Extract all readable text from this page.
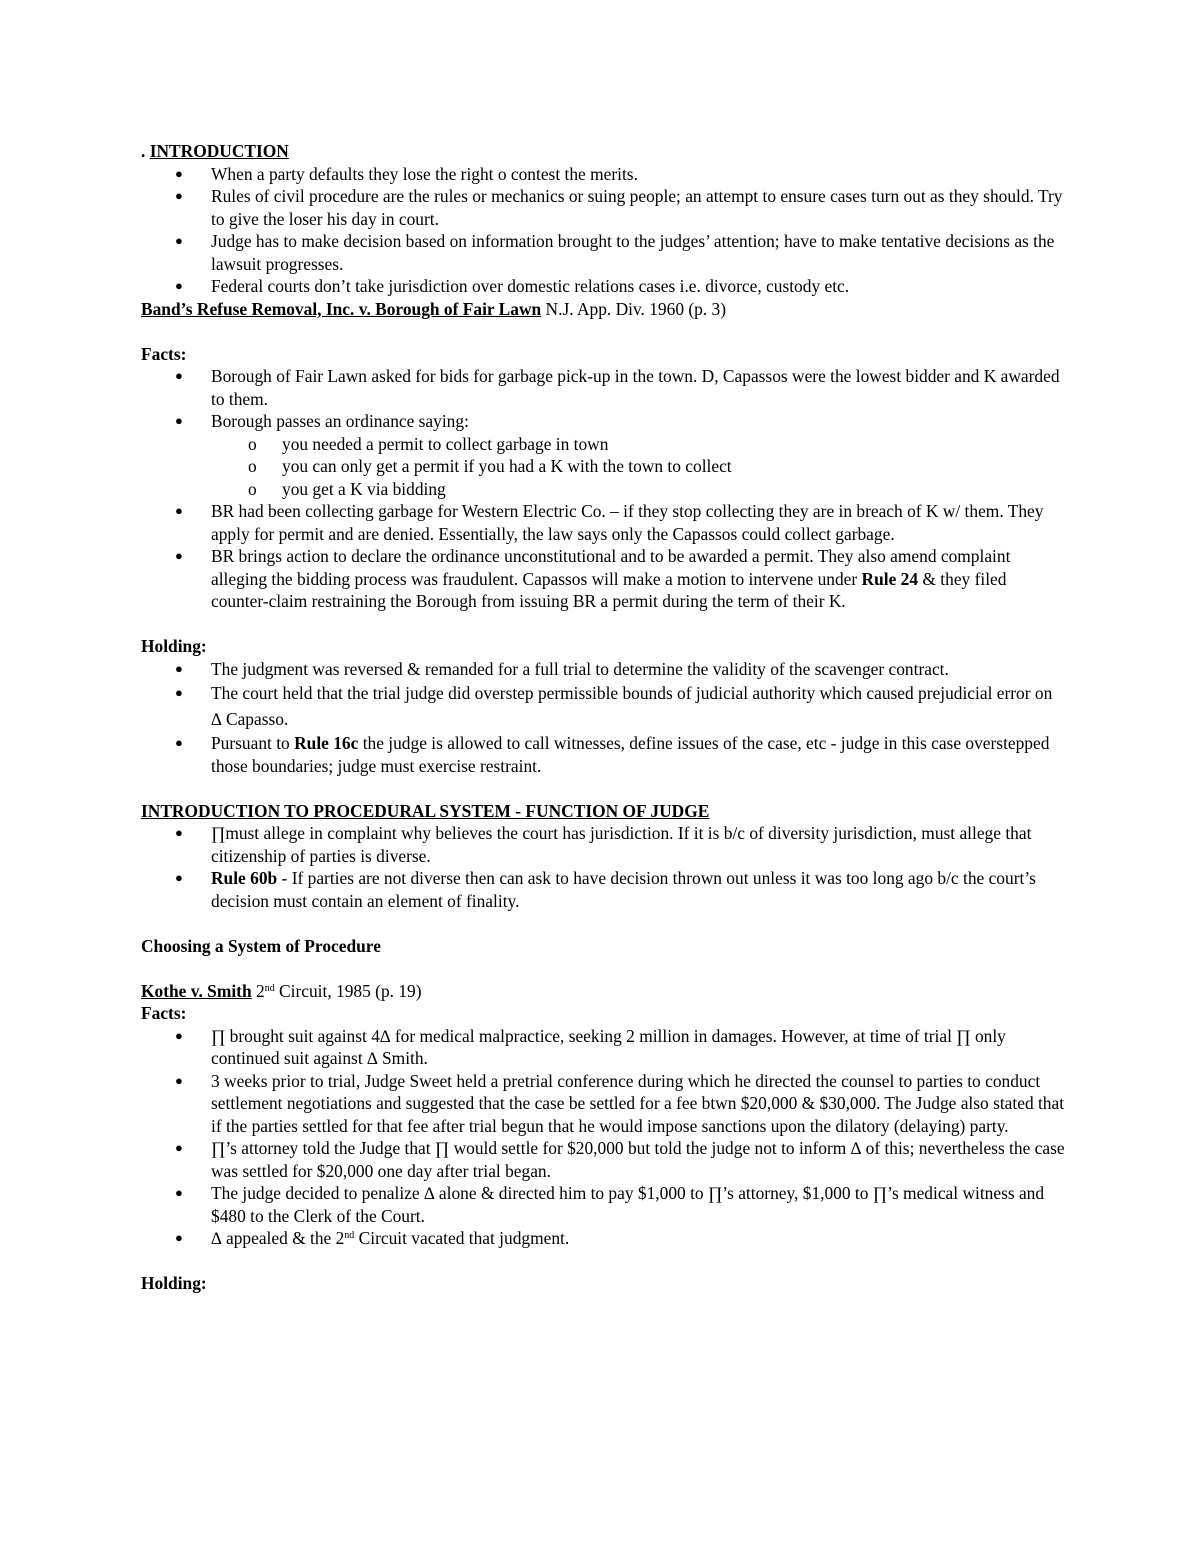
. INTRODUCTION

● When a party defaults they lose the right o contest the merits.
● Rules of civil procedure are the rules or mechanics or suing people; an attempt to ensure cases turn out as they should. Try to give the loser his day in court.
● Judge has to make decision based on information brought to the judges’ attention; have to make tentative decisions as the lawsuit progresses.
● Federal courts don’t take jurisdiction over domestic relations cases i.e. divorce, custody etc.

Band’s Refuse Removal, Inc. v. Borough of Fair Lawn N.J. App. Div. 1960 (p. 3)

Facts:

● Borough of Fair Lawn asked for bids for garbage pick-up in the town. D, Capassos were the lowest bidder and K awarded to them.
● Borough passes an ordinance saying:
o you needed a permit to collect garbage in town
o you can only get a permit if you had a K with the town to collect
o you get a K via bidding
● BR had been collecting garbage for Western Electric Co. – if they stop collecting they are in breach of K w/ them. They apply for permit and are denied. Essentially, the law says only the Capassos could collect garbage.
● BR brings action to declare the ordinance unconstitutional and to be awarded a permit. They also amend complaint alleging the bidding process was fraudulent. Capassos will make a motion to intervene under Rule 24 & they filed counter-claim restraining the Borough from issuing BR a permit during the term of their K.

Holding:

● The judgment was reversed & remanded for a full trial to determine the validity of the scavenger contract.
● The court held that the trial judge did overstep permissible bounds of judicial authority which caused prejudicial error on ∆ Capasso.
● Pursuant to Rule 16c the judge is allowed to call witnesses, define issues of the case, etc - judge in this case overstepped those boundaries; judge must exercise restraint.

INTRODUCTION TO PROCEDURAL SYSTEM - FUNCTION OF JUDGE

● ∏must allege in complaint why believes the court has jurisdiction. If it is b/c of diversity jurisdiction, must allege that citizenship of parties is diverse.
● Rule 60b - If parties are not diverse then can ask to have decision thrown out unless it was too long ago b/c the court’s decision must contain an element of finality.

Choosing a System of Procedure

Kothe v. Smith 2nd Circuit, 1985 (p. 19)

Facts:

● ∏ brought suit against 4∆ for medical malpractice, seeking 2 million in damages. However, at time of trial ∏ only continued suit against ∆ Smith.
● 3 weeks prior to trial, Judge Sweet held a pretrial conference during which he directed the counsel to parties to conduct settlement negotiations and suggested that the case be settled for a fee btwn $20,000 & $30,000. The Judge also stated that if the parties settled for that fee after trial begun that he would impose sanctions upon the dilatory (delaying) party.
● ∏’s attorney told the Judge that ∏ would settle for $20,000 but told the judge not to inform ∆ of this; nevertheless the case was settled for $20,000 one day after trial began.
● The judge decided to penalize ∆ alone & directed him to pay $1,000 to ∏’s attorney, $1,000 to ∏’s medical witness and $480 to the Clerk of the Court.
● ∆ appealed & the 2nd Circuit vacated that judgment.

Holding:
